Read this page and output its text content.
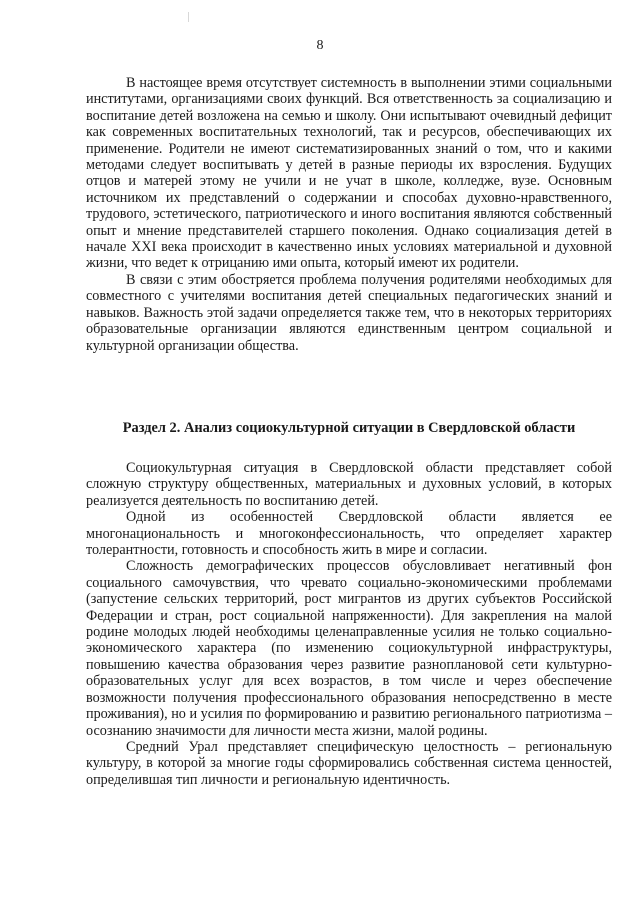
8

В настоящее время отсутствует системность в выполнении этими социальными институтами, организациями своих функций. Вся ответственность за социализацию и воспитание детей возложена на семью и школу. Они испытывают очевидный дефицит как современных воспитательных технологий, так и ресурсов, обеспечивающих их применение. Родители не имеют систематизированных знаний о том, что и какими методами следует воспитывать у детей в разные периоды их взросления. Будущих отцов и матерей этому не учили и не учат в школе, колледже, вузе. Основным источником их представлений о содержании и способах духовно-нравственного, трудового, эстетического, патриотического и иного воспитания являются собственный опыт и мнение представителей старшего поколения. Однако социализация детей в начале XXI века происходит в качественно иных условиях материальной и духовной жизни, что ведет к отрицанию ими опыта, который имеют их родители.

В связи с этим обостряется проблема получения родителями необходимых для совместного с учителями воспитания детей специальных педагогических знаний и навыков. Важность этой задачи определяется также тем, что в некоторых территориях образовательные организации являются единственным центром социальной и культурной организации общества.

Раздел 2. Анализ социокультурной ситуации в Свердловской области

Социокультурная ситуация в Свердловской области представляет собой сложную структуру общественных, материальных и духовных условий, в которых реализуется деятельность по воспитанию детей.

Одной из особенностей Свердловской области является ее многонациональность и многоконфессиональность, что определяет характер толерантности, готовность и способность жить в мире и согласии.

Сложность демографических процессов обусловливает негативный фон социального самочувствия, что чревато социально-экономическими проблемами (запустение сельских территорий, рост мигрантов из других субъектов Российской Федерации и стран, рост социальной напряженности). Для закрепления на малой родине молодых людей необходимы целенаправленные усилия не только социально-экономического характера (по изменению социокультурной инфраструктуры, повышению качества образования через развитие разноплановой сети культурно-образовательных услуг для всех возрастов, в том числе и через обеспечение возможности получения профессионального образования непосредственно в месте проживания), но и усилия по формированию и развитию регионального патриотизма – осознанию значимости для личности места жизни, малой родины.

Средний Урал представляет специфическую целостность – региональную культуру, в которой за многие годы сформировались собственная система ценностей, определившая тип личности и региональную идентичность.
